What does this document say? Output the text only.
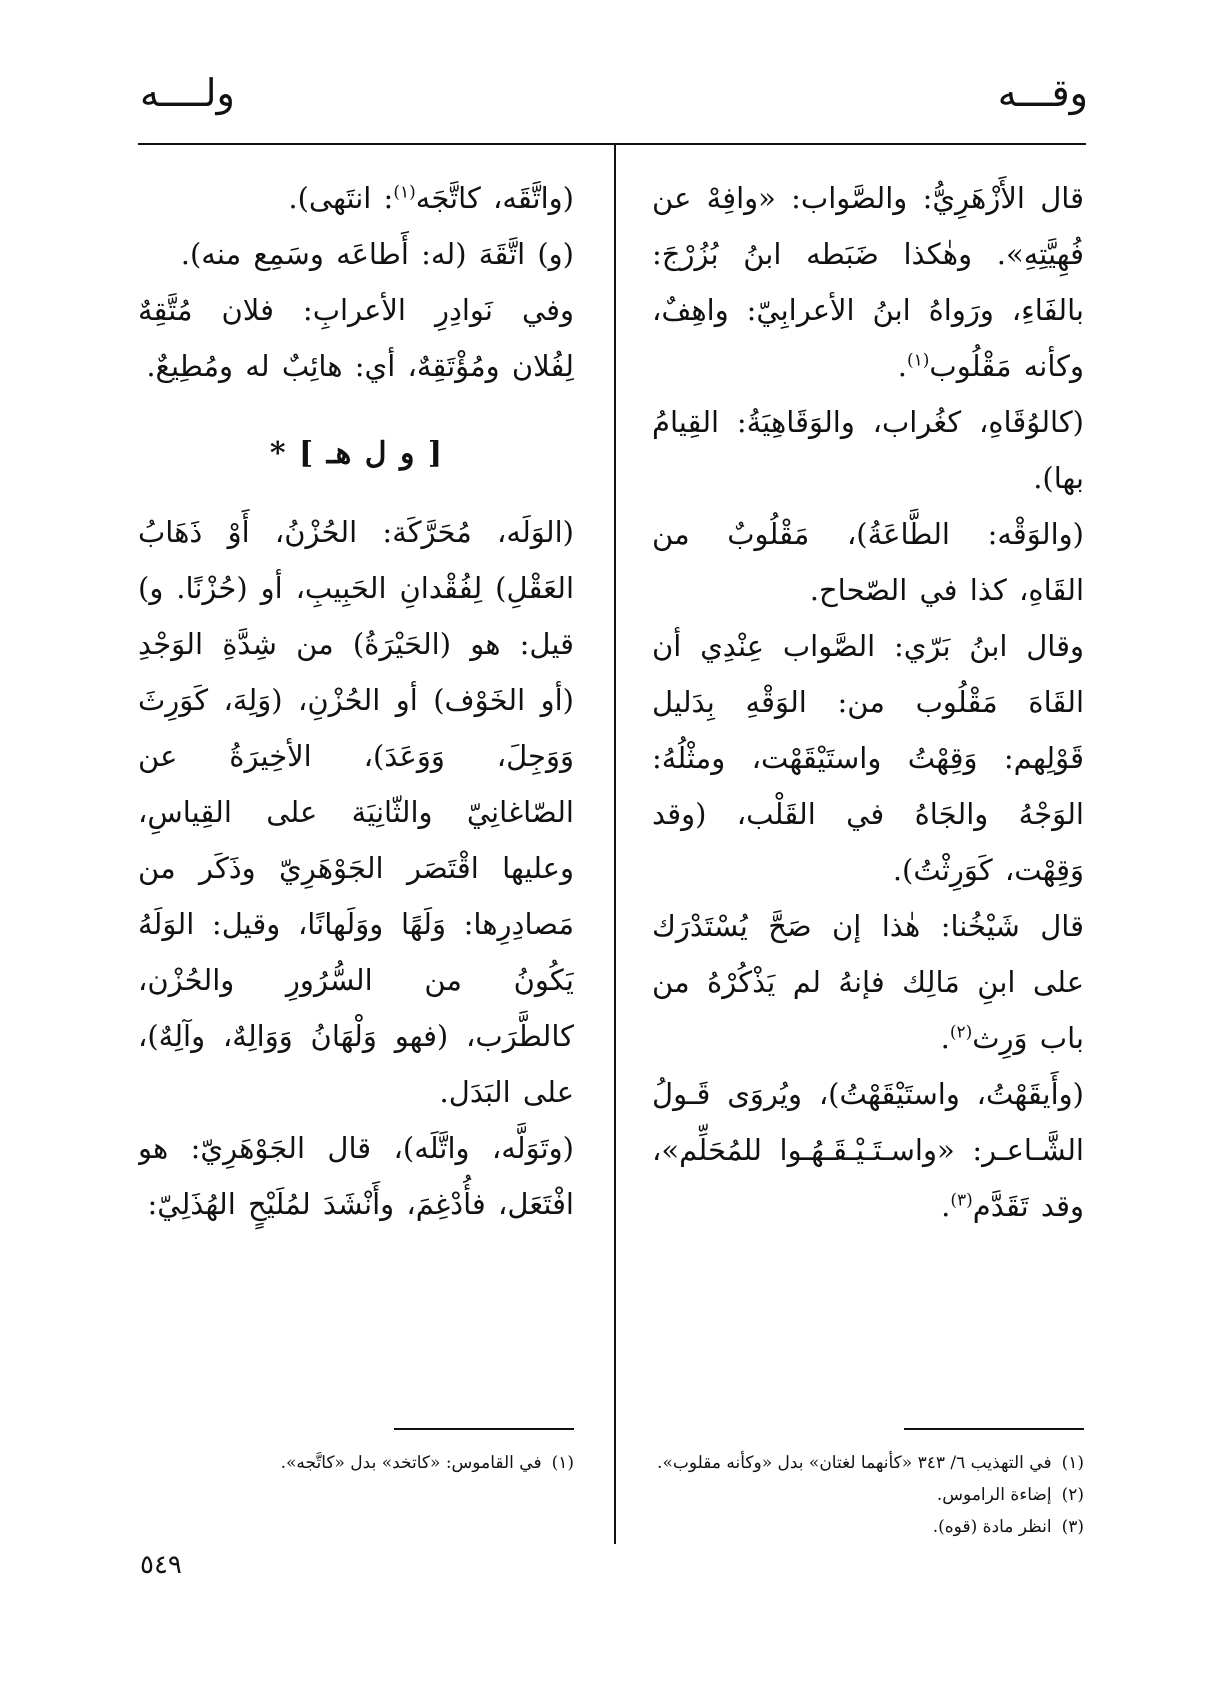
وقـــه
ولــــه

قال الأَزْهَرِيُّ: والصَّواب: «وافِهْ عن فُهِيَّتِهِ». وهٰكذا ضَبَطه ابنُ بُزُرْجَ: بالفَاءِ، ورَواهُ ابنُ الأعرابِيّ: واهِفٌ، وكأنه مَقْلُوب$^{(١)}$.

(كالوُقَاهِ، كغُراب، والوَقَاهِيَةُ: القِيامُ بها).

(والوَقْه: الطَّاعَةُ)، مَقْلُوبٌ من القَاهِ، كذا في الصّحاح.

وقال ابنُ بَرّي: الصَّواب عِنْدِي أن القَاهَ مَقْلُوب من: الوَقْهِ بِدَليل قَوْلِهم: وَقِهْتُ واستَيْقَهْت، ومثْلُهُ: الوَجْهُ والجَاهُ في القَلْب، (وقد وَقِهْت، كَوَرِثْتُ).

قال شَيْخُنا: هٰذا إن صَحَّ يُسْتَدْرَك على ابنِ مَالِك فإنهُ لم يَذْكُرْهُ من باب وَرِث$^{(٢)}$.

(وأَيقَهْتُ، واستَيْقَهْتُ)، ويُروَى قَـولُ الشَّـاعـر: «واسـتَـيْـقَـهُـوا للمُحَلِّم»، وقد تَقَدَّم$^{(٣)}$.

(١)في التهذيب ٦/ ٣٤٣ «كأنهما لغتان» بدل «وكأنه مقلوب».

(٢)إضاءة الراموس.

(٣)انظر مادة (قوه).

(واتَّقَه، كاتَّجَه$^{(١)}$: انتَهى).

(و) اتَّقَهَ (له: أَطاعَه وسَمِع منه).

وفي نَوادِرِ الأعرابِ: فلان مُتَّقِهٌ لِفُلان ومُؤْتَقِهٌ، أي: هائِبٌ له ومُطِيعٌ.

[ و ل هـ ] *

(الوَلَه، مُحَرَّكَة: الحُزْنُ، أَوْ ذَهَابُ العَقْلِ) لِفُقْدانِ الحَبِيبِ، أو (حُزْنًا. و) قيل: هو (الحَيْرَةُ) من شِدَّةِ الوَجْدِ (أو الخَوْف) أو الحُزْنِ، (وَلِهَ، كَوَرِثَ وَوَجِلَ، وَوَعَدَ)، الأخِيرَةُ عن الصّاغانِيّ والثّانِيَة على القِياسِ، وعليها اقْتَصَر الجَوْهَرِيّ وذَكَر من مَصادِرِها: وَلَهًا ووَلَهانًا، وقيل: الوَلَهُ يَكُونُ من السُّرُورِ والحُزْن، كالطَّرَب، (فهو وَلْهَانُ وَوَالِهٌ، وآلِهٌ)، على البَدَل.

(وتَوَلَّه، واتَّلَه)، قال الجَوْهَرِيّ: هو افْتَعَل، فأُدْغِمَ، وأَنْشَدَ لمُلَيْحٍ الهُذَلِيّ:

(١)في القاموس: «كاتخد» بدل «كاتَّجه».

٥٤٩
